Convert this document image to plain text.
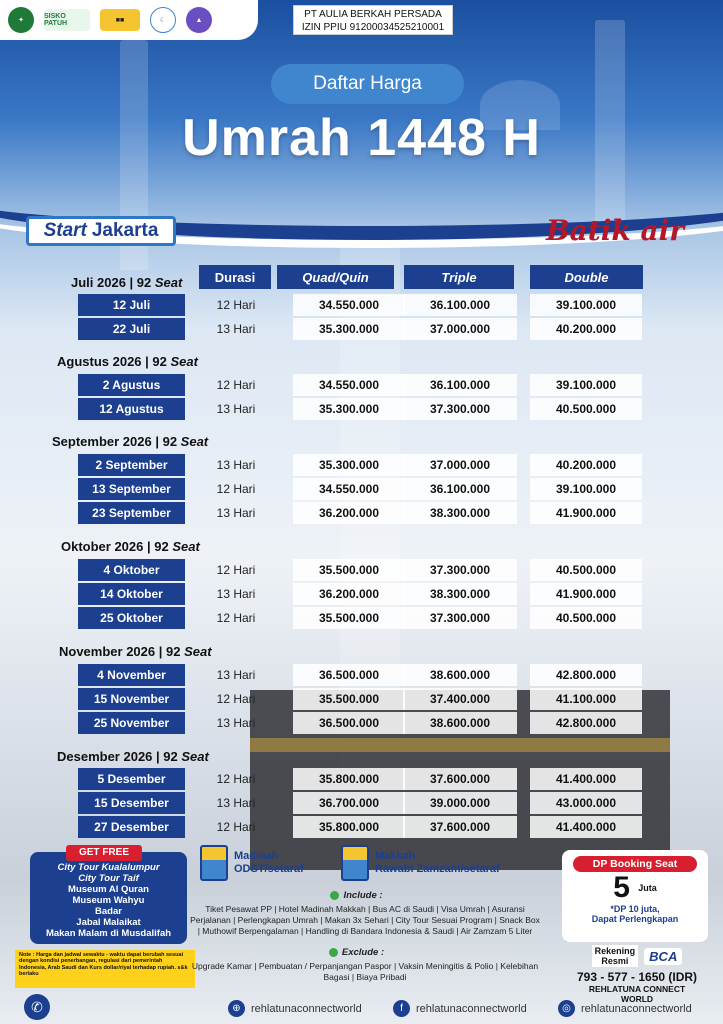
✦
SISKO PATUH	■■	☾	▲	PT AULIA BERKAH PERSADA
IZIN PPIU 91200034525210001
Daftar Harga
Umrah 1448 H
Start Jakarta	Batik air
Durasi	Quad/Quin	Triple	Double
Juli 2026 | 92 Seat
12 Juli	12 Hari	34.550.000	36.100.000	39.100.000
22 Juli	13 Hari	35.300.000	37.000.000	40.200.000
Agustus 2026 | 92 Seat
2 Agustus	12 Hari	34.550.000	36.100.000	39.100.000
12 Agustus	13 Hari	35.300.000	37.300.000	40.500.000
September 2026 | 92 Seat
2 September	13 Hari	35.300.000	37.000.000	40.200.000
13 September	12 Hari	34.550.000	36.100.000	39.100.000
23 September	13 Hari	36.200.000	38.300.000	41.900.000
Oktober 2026 | 92 Seat
4 Oktober	12 Hari	35.500.000	37.300.000	40.500.000
14 Oktober	13 Hari	36.200.000	38.300.000	41.900.000
25 Oktober	12 Hari	35.500.000	37.300.000	40.500.000
November 2026 | 92 Seat
4 November	13 Hari	36.500.000	38.600.000	42.800.000
15 November	12 Hari	35.500.000	37.400.000	41.100.000
25 November	13 Hari	36.500.000	38.600.000	42.800.000
Desember 2026 | 92 Seat
5 Desember	12 Hari	35.800.000	37.600.000	41.400.000
15 Desember	13 Hari	36.700.000	39.000.000	43.000.000
27 Desember	12 Hari	35.800.000	37.600.000	41.400.000
City Tour Kualalumpur
City Tour Taif
Museum Al Quran
Museum Wahyu
Badar
Jabal Malaikat
Makan Malam di Musdalifah
GET FREE
Note : Harga dan jadwal sewaktu - waktu dapat berubah sesuai dengan kondisi penerbangan, regulasi dari pemerintah Indonesia, Arab Saudi dan Kurs dollar/riyal terhadap rupiah. s&k berlaku
Madinah
ODST/setaraf
Makkah
Rawabi Zamzam/setaraf
Include :
Tiket Pesawat PP | Hotel Madinah Makkah | Bus AC di Saudi | Visa Umrah | Asuransi Perjalanan | Perlengkapan Umrah | Makan 3x Sehari | City Tour Sesuai Program | Snack Box | Muthowif Berpengalaman | Handling di Bandara Indonesia & Saudi | Air Zamzam 5 Liter
Exclude :
Upgrade Kamar | Pembuatan / Perpanjangan Paspor | Vaksin Meningitis & Polio | Kelebihan Bagasi | Biaya Pribadi
DP Booking Seat
5 $^{Juta}$
*DP 10 juta,
Dapat Perlengkapan
Rekening
Resmi	BCA
793 - 577 - 1650 (IDR)
REHLATUNA CONNECT WORLD
✆	⊕ rehlatunaconnectworld	f	rehlatunaconnectworld	◎ rehlatunaconnectworld
